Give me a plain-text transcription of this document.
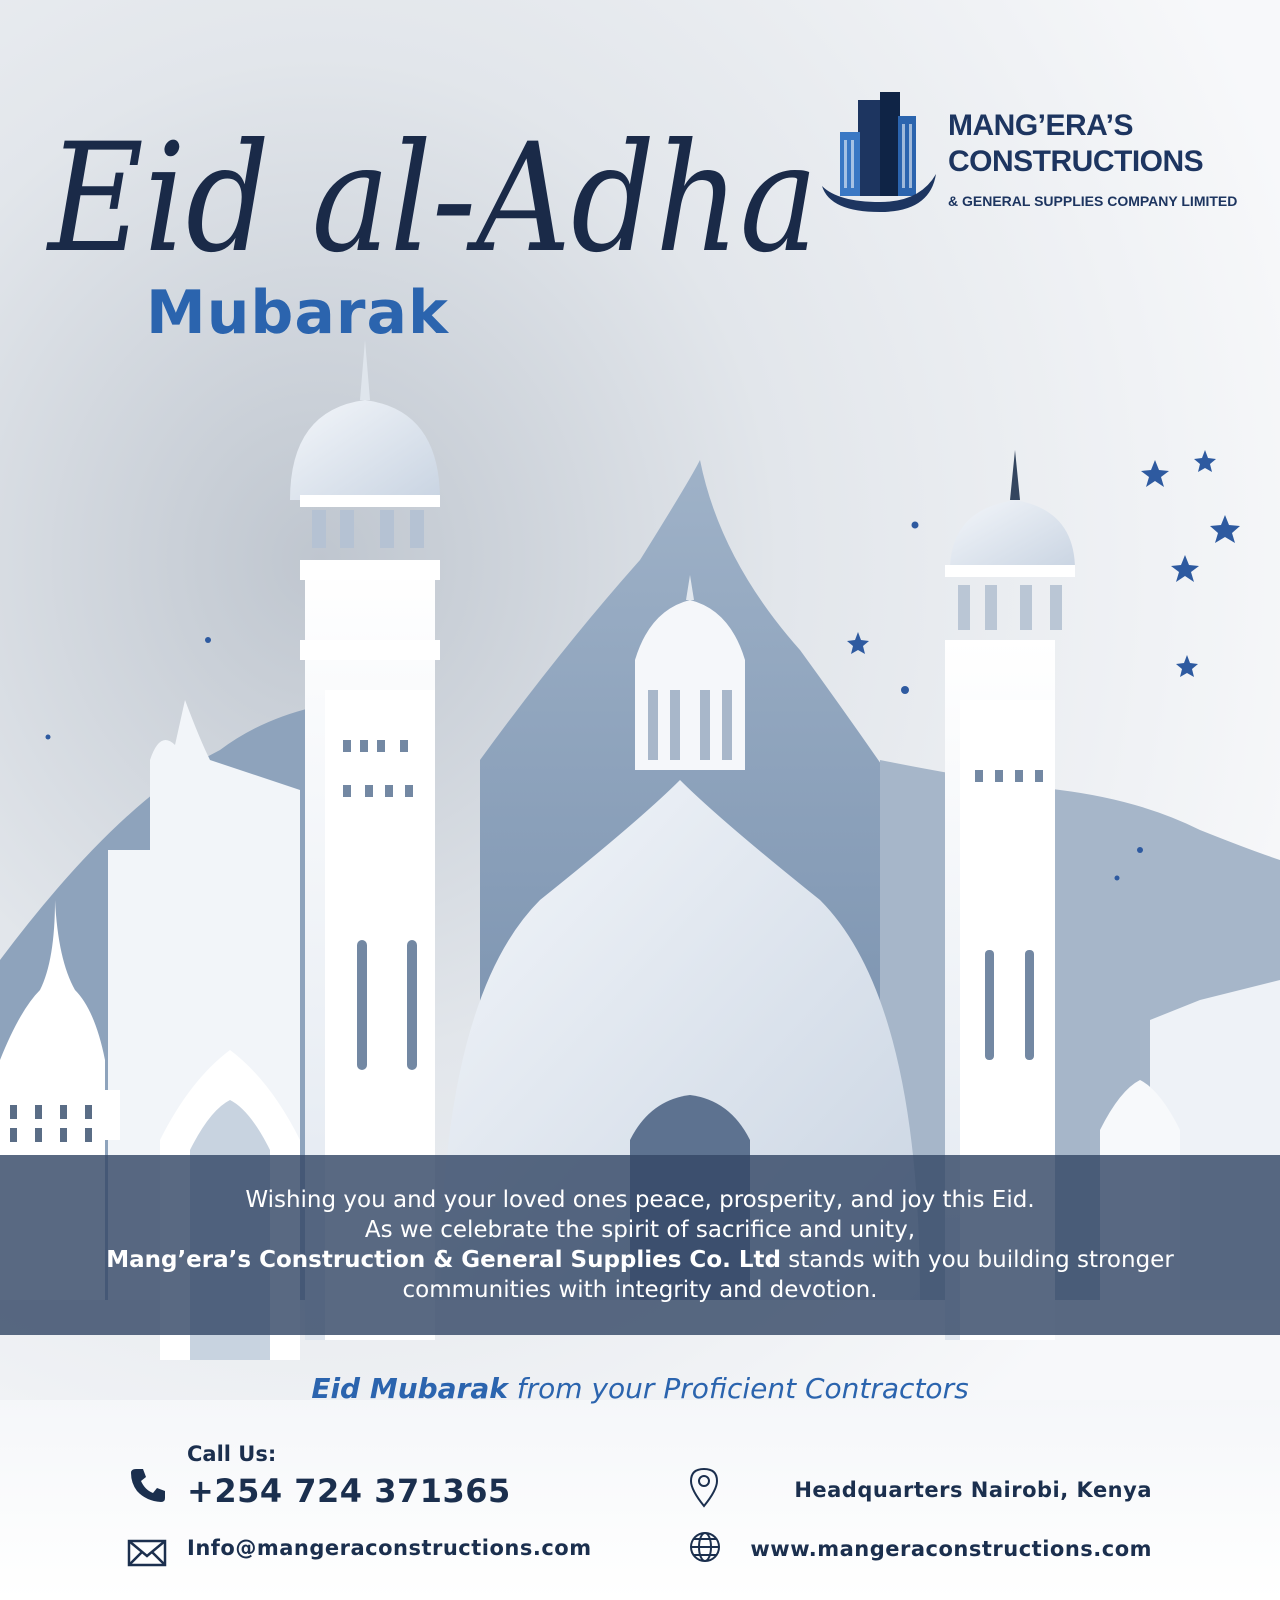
Eid al-Adha
Mubarak
MANG’ERA’S
CONSTRUCTIONS
& GENERAL SUPPLIES COMPANY LIMITED
Wishing you and your loved ones peace, prosperity, and joy this Eid.
As we celebrate the spirit of sacrifice and unity,
Mang’era’s Construction & General Supplies Co. Ltd stands with you building stronger
communities with integrity and devotion.
Eid Mubarak from your Proficient Contractors
Call Us:
+254 724 371365
Info@mangeraconstructions.com
Headquarters Nairobi, Kenya
www.mangeraconstructions.com
